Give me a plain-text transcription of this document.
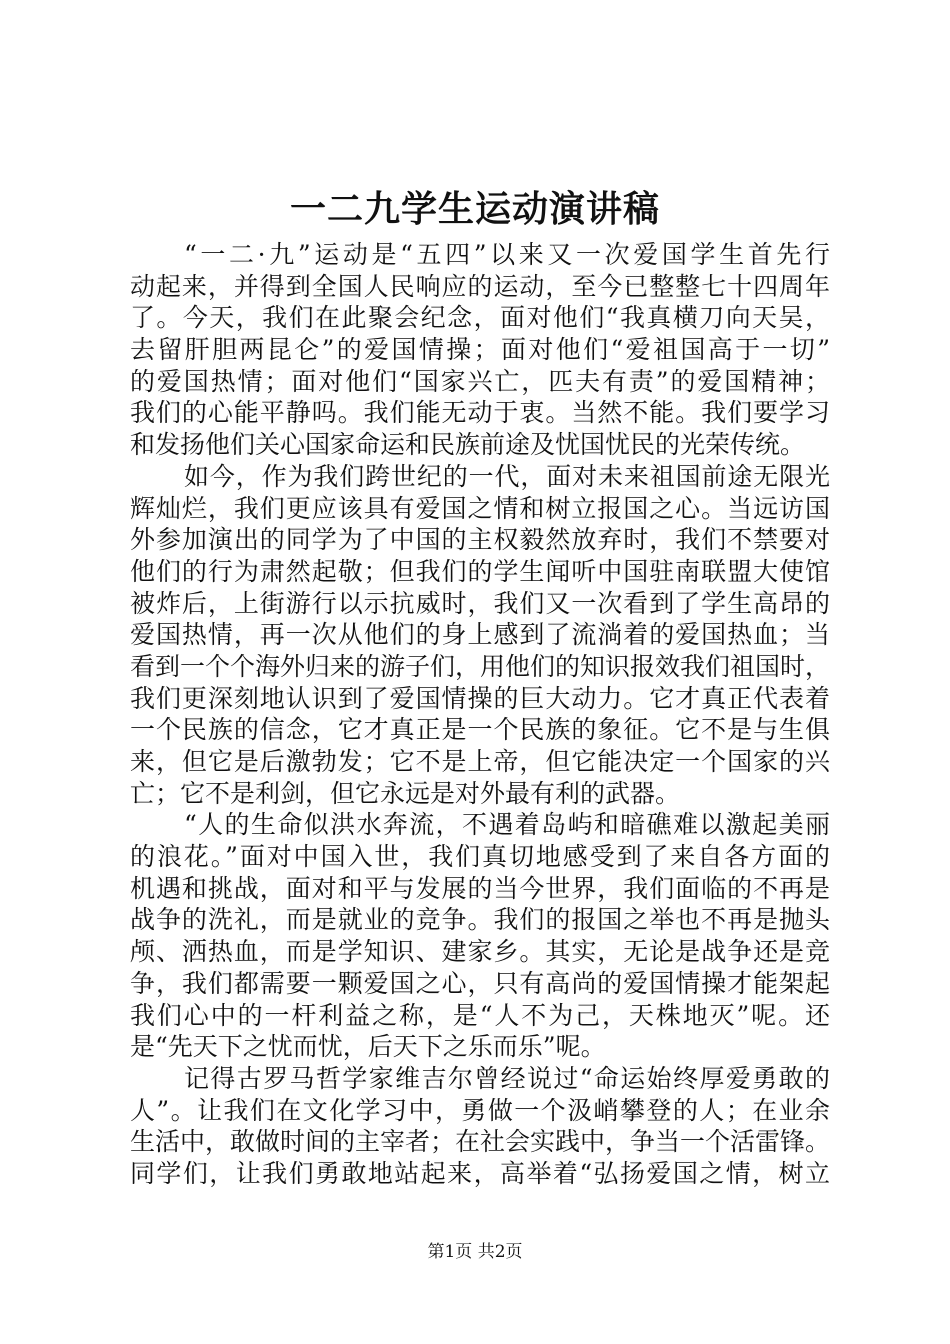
一二九学生运动演讲稿
“一二·九”运动是“五四”以来又一次爱国学生首先行
动起来，并得到全国人民响应的运动，至今已整整七十四周年
了。今天，我们在此聚会纪念，面对他们“我真横刀向天吴，
去留肝胆两昆仑”的爱国情操；面对他们“爱祖国高于一切”
的爱国热情；面对他们“国家兴亡，匹夫有责”的爱国精神；
我们的心能平静吗。我们能无动于衷。当然不能。我们要学习
和发扬他们关心国家命运和民族前途及忧国忧民的光荣传统。
如今，作为我们跨世纪的一代，面对未来祖国前途无限光
辉灿烂，我们更应该具有爱国之情和树立报国之心。当远访国
外参加演出的同学为了中国的主权毅然放弃时，我们不禁要对
他们的行为肃然起敬；但我们的学生闻听中国驻南联盟大使馆
被炸后，上街游行以示抗威时，我们又一次看到了学生高昂的
爱国热情，再一次从他们的身上感到了流淌着的爱国热血；当
看到一个个海外归来的游子们，用他们的知识报效我们祖国时，
我们更深刻地认识到了爱国情操的巨大动力。它才真正代表着
一个民族的信念，它才真正是一个民族的象征。它不是与生俱
来，但它是后激勃发；它不是上帝，但它能决定一个国家的兴
亡；它不是利剑，但它永远是对外最有利的武器。
“人的生命似洪水奔流，不遇着岛屿和暗礁难以激起美丽
的浪花。”面对中国入世，我们真切地感受到了来自各方面的
机遇和挑战，面对和平与发展的当今世界，我们面临的不再是
战争的洗礼，而是就业的竞争。我们的报国之举也不再是抛头
颅、洒热血，而是学知识、建家乡。其实，无论是战争还是竞
争，我们都需要一颗爱国之心，只有高尚的爱国情操才能架起
我们心中的一杆利益之称，是“人不为己，天株地灭”呢。还
是“先天下之忧而忧，后天下之乐而乐”呢。
记得古罗马哲学家维吉尔曾经说过“命运始终厚爱勇敢的
人”。让我们在文化学习中，勇做一个汲峭攀登的人；在业余
生活中，敢做时间的主宰者；在社会实践中，争当一个活雷锋。
同学们，让我们勇敢地站起来，高举着“弘扬爱国之情，树立
第1页 共2页
